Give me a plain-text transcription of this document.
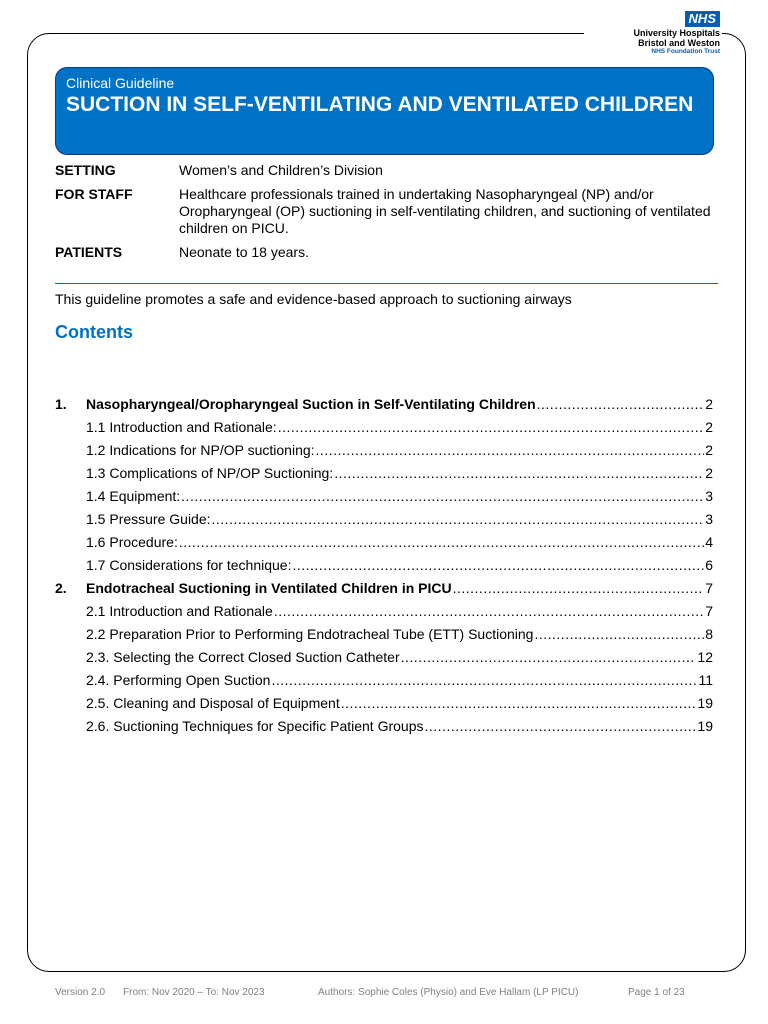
NHS
University Hospitals
Bristol and Weston
NHS Foundation Trust
Clinical Guideline
SUCTION IN SELF-VENTILATING AND VENTILATED CHILDREN
SETTING	Women’s and Children’s Division
FOR STAFF	Healthcare professionals trained in undertaking Nasopharyngeal (NP) and/or Oropharyngeal (OP) suctioning in self-ventilating children, and suctioning of ventilated children on PICU.
PATIENTS	Neonate to 18 years.
This guideline promotes a safe and evidence-based approach to suctioning airways
Contents
1.	Nasopharyngeal/Oropharyngeal Suction in Self-Ventilating Children .....	2
1.1 Introduction and Rationale: .....	2
1.2 Indications for NP/OP suctioning: .....	2
1.3 Complications of NP/OP Suctioning: .....	2
1.4 Equipment: .....	3
1.5 Pressure Guide: .....	3
1.6 Procedure: .....	4
1.7 Considerations for technique: .....	6
2.	Endotracheal Suctioning in Ventilated Children in PICU .....	7
2.1 Introduction and Rationale .....	7
2.2 Preparation Prior to Performing Endotracheal Tube (ETT) Suctioning .....	8
2.3. Selecting the Correct Closed Suction Catheter .....	12
2.4. Performing Open Suction .....	11
2.5. Cleaning and Disposal of Equipment .....	19
2.6. Suctioning Techniques for Specific Patient Groups .....	19
Version 2.0 From: Nov 2020 – To: Nov 2023	Authors: Sophie Coles (Physio) and Eve Hallam (LP PICU)	Page 1 of 23
